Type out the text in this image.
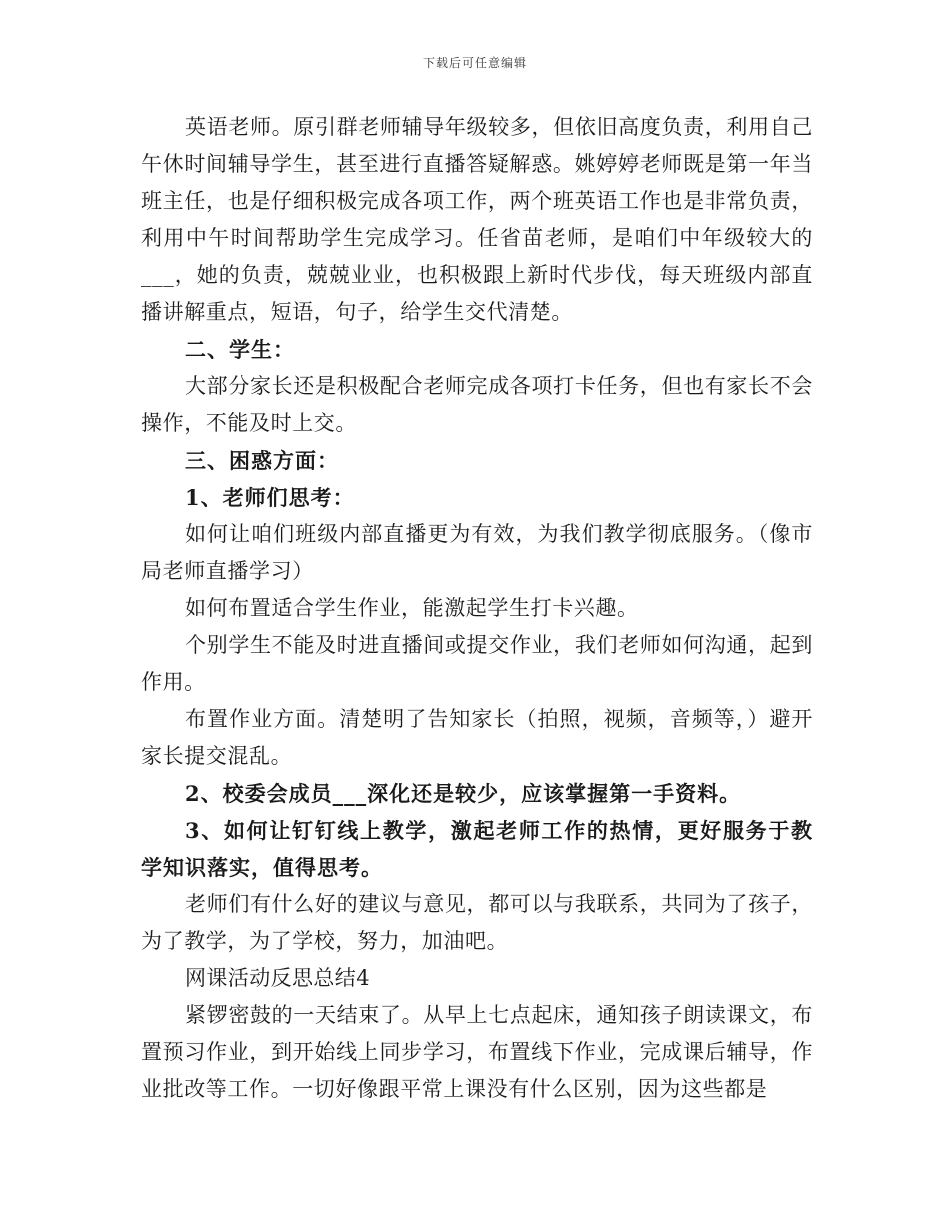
下载后可任意编辑

英语老师。原引群老师辅导年级较多，但依旧高度负责，利用自己午休时间辅导学生，甚至进行直播答疑解惑。姚婷婷老师既是第一年当班主任，也是仔细积极完成各项工作，两个班英语工作也是非常负责，利用中午时间帮助学生完成学习。任省苗老师，是咱们中年级较大的___，她的负责，兢兢业业，也积极跟上新时代步伐，每天班级内部直播讲解重点，短语，句子，给学生交代清楚。

二、学生：

大部分家长还是积极配合老师完成各项打卡任务，但也有家长不会操作，不能及时上交。

三、困惑方面：

1、老师们思考：

如何让咱们班级内部直播更为有效，为我们教学彻底服务。（像市局老师直播学习）

如何布置适合学生作业，能激起学生打卡兴趣。

个别学生不能及时进直播间或提交作业，我们老师如何沟通，起到作用。

布置作业方面。清楚明了告知家长（拍照，视频，音频等，）避开家长提交混乱。

2、校委会成员___深化还是较少，应该掌握第一手资料。

3、如何让钉钉线上教学，激起老师工作的热情，更好服务于教学知识落实，值得思考。

老师们有什么好的建议与意见，都可以与我联系，共同为了孩子，为了教学，为了学校，努力，加油吧。

网课活动反思总结4

紧锣密鼓的一天结束了。从早上七点起床，通知孩子朗读课文，布置预习作业，到开始线上同步学习，布置线下作业，完成课后辅导，作业批改等工作。一切好像跟平常上课没有什么区别，因为这些都是
